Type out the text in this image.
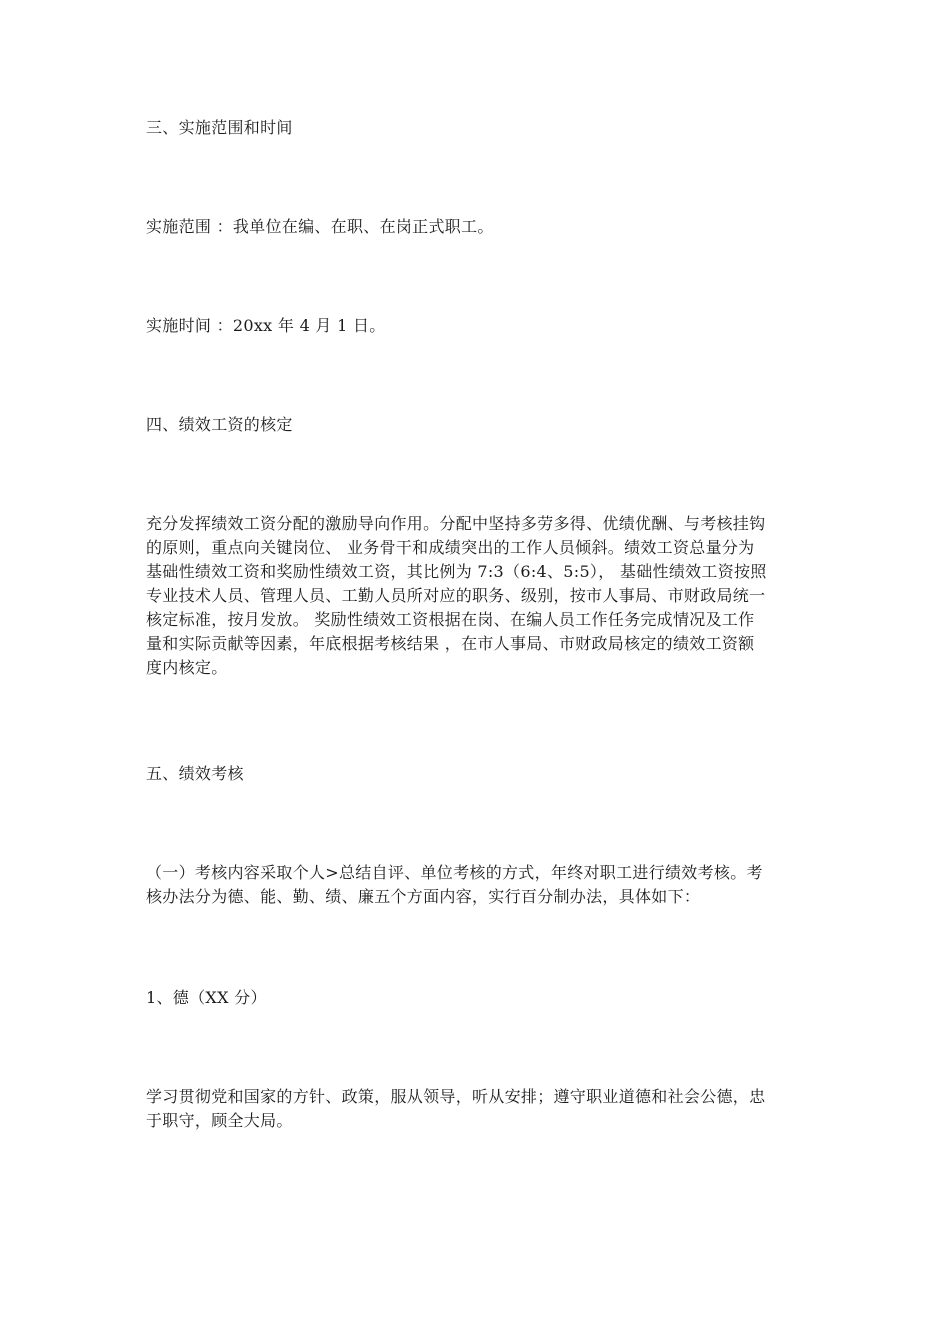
三、实施范围和时间

实施范围 ：我单位在编、在职、在岗正式职工。

实施时间 ：20xx 年 4 月 1 日。

四、绩效工资的核定

充分发挥绩效工资分配的激励导向作用。分配中坚持多劳多得、优绩优酬、与考核挂钩
的原则，重点向关键岗位、 业务骨干和成绩突出的工作人员倾斜。绩效工资总量分为
基础性绩效工资和奖励性绩效工资，其比例为 7:3（6:4、5:5）， 基础性绩效工资按照
专业技术人员、管理人员、工勤人员所对应的职务、级别，按市人事局、市财政局统一
核定标准，按月发放。 奖励性绩效工资根据在岗、在编人员工作任务完成情况及工作
量和实际贡献等因素，年底根据考核结果 ，在市人事局、市财政局核定的绩效工资额
度内核定。

五、绩效考核

（一）考核内容采取个人>总结自评、单位考核的方式，年终对职工进行绩效考核。考
核办法分为德、能、勤、绩、廉五个方面内容，实行百分制办法，具体如下：

1、德（XX 分）

学习贯彻党和国家的方针、政策，服从领导，听从安排；遵守职业道德和社会公德，忠
于职守，顾全大局。
